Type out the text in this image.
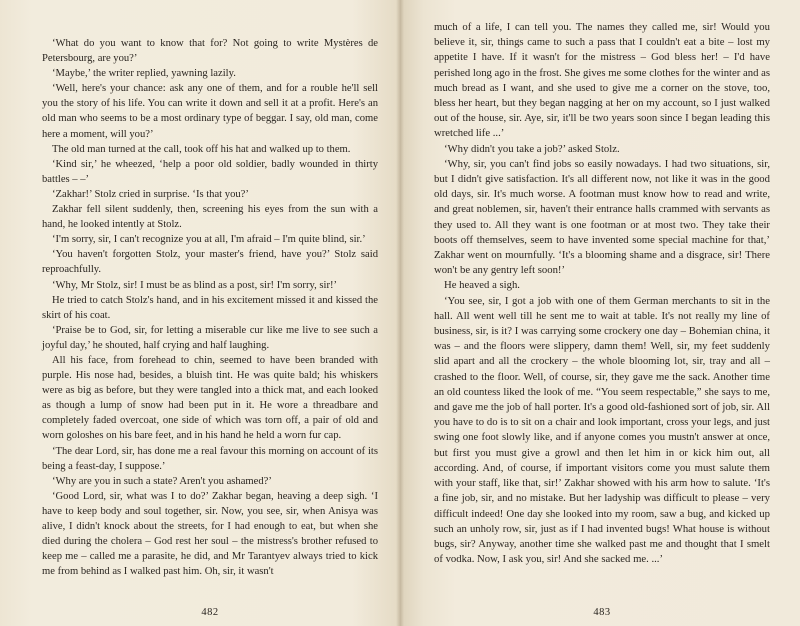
‘What do you want to know that for? Not going to write Mystères de Petersbourg, are you?’

‘Maybe,’ the writer replied, yawning lazily.

‘Well, here's your chance: ask any one of them, and for a rouble he'll sell you the story of his life. You can write it down and sell it at a profit. Here's an old man who seems to be a most ordinary type of beggar. I say, old man, come here a moment, will you?’

The old man turned at the call, took off his hat and walked up to them.

‘Kind sir,’ he wheezed, ‘help a poor old soldier, badly wounded in thirty battles – –’

‘Zakhar!’ Stolz cried in surprise. ‘Is that you?’

Zakhar fell silent suddenly, then, screening his eyes from the sun with a hand, he looked intently at Stolz.

‘I'm sorry, sir, I can't recognize you at all, I'm afraid – I'm quite blind, sir.’

‘You haven't forgotten Stolz, your master's friend, have you?’ Stolz said reproachfully.

‘Why, Mr Stolz, sir! I must be as blind as a post, sir! I'm sorry, sir!’

He tried to catch Stolz's hand, and in his excitement missed it and kissed the skirt of his coat.

‘Praise be to God, sir, for letting a miserable cur like me live to see such a joyful day,’ he shouted, half crying and half laughing.

All his face, from forehead to chin, seemed to have been branded with purple. His nose had, besides, a bluish tint. He was quite bald; his whiskers were as big as before, but they were tangled into a thick mat, and each looked as though a lump of snow had been put in it. He wore a threadbare and completely faded overcoat, one side of which was torn off, a pair of old and worn goloshes on his bare feet, and in his hand he held a worn fur cap.

‘The dear Lord, sir, has done me a real favour this morning on account of its being a feast-day, I suppose.’

‘Why are you in such a state? Aren't you ashamed?’

‘Good Lord, sir, what was I to do?’ Zakhar began, heaving a deep sigh. ‘I have to keep body and soul together, sir. Now, you see, sir, when Anisya was alive, I didn't knock about the streets, for I had enough to eat, but when she died during the cholera – God rest her soul – the mistress's brother refused to keep me – called me a parasite, he did, and Mr Tarantyev always tried to kick me from behind as I walked past him. Oh, sir, it wasn't

482

much of a life, I can tell you. The names they called me, sir! Would you believe it, sir, things came to such a pass that I couldn't eat a bite – lost my appetite I have. If it wasn't for the mistress – God bless her! – I'd have perished long ago in the frost. She gives me some clothes for the winter and as much bread as I want, and she used to give me a corner on the stove, too, bless her heart, but they began nagging at her on my account, so I just walked out of the house, sir. Aye, sir, it'll be two years soon since I began leading this wretched life ...’

‘Why didn't you take a job?’ asked Stolz.

‘Why, sir, you can't find jobs so easily nowadays. I had two situations, sir, but I didn't give satisfaction. It's all different now, not like it was in the good old days, sir. It's much worse. A footman must know how to read and write, and great noblemen, sir, haven't their entrance halls crammed with servants as they used to. All they want is one footman or at most two. They take their boots off themselves, seem to have invented some special machine for that,’ Zakhar went on mournfully. ‘It's a blooming shame and a disgrace, sir! There won't be any gentry left soon!’

He heaved a sigh.

‘You see, sir, I got a job with one of them German merchants to sit in the hall. All went well till he sent me to wait at table. It's not really my line of business, sir, is it? I was carrying some crockery one day – Bohemian china, it was – and the floors were slippery, damn them! Well, sir, my feet suddenly slid apart and all the crockery – the whole blooming lot, sir, tray and all – crashed to the floor. Well, of course, sir, they gave me the sack. Another time an old countess liked the look of me. “You seem respectable,” she says to me, and gave me the job of hall porter. It's a good old-fashioned sort of job, sir. All you have to do is to sit on a chair and look important, cross your legs, and just swing one foot slowly like, and if anyone comes you mustn't answer at once, but first you must give a growl and then let him in or kick him out, all according. And, of course, if important visitors come you must salute them with your staff, like that, sir!’ Zakhar showed with his arm how to salute. ‘It's a fine job, sir, and no mistake. But her ladyship was difficult to please – very difficult indeed! One day she looked into my room, saw a bug, and kicked up such an unholy row, sir, just as if I had invented bugs! What house is without bugs, sir? Anyway, another time she walked past me and thought that I smelt of vodka. Now, I ask you, sir! And she sacked me. ...’

483
